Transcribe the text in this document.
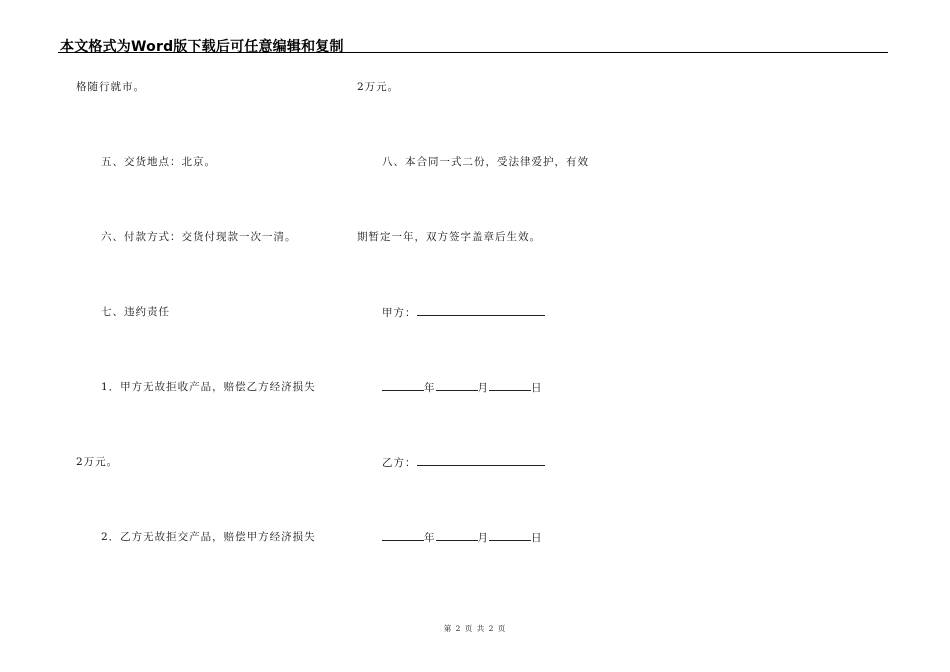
本文格式为Word版下载后可任意编辑和复制
格随行就市。
五、交货地点：北京。
六、付款方式：交货付现款一次一清。
七、违约责任
1．甲方无故拒收产品，赔偿乙方经济损失
2万元。
2．乙方无故拒交产品，赔偿甲方经济损失
2万元。
八、本合同一式二份，受法律爱护，有效
期暂定一年，双方签字盖章后生效。
甲方：
年	月	日
乙方：
年	月	日
第 2 页 共 2 页
